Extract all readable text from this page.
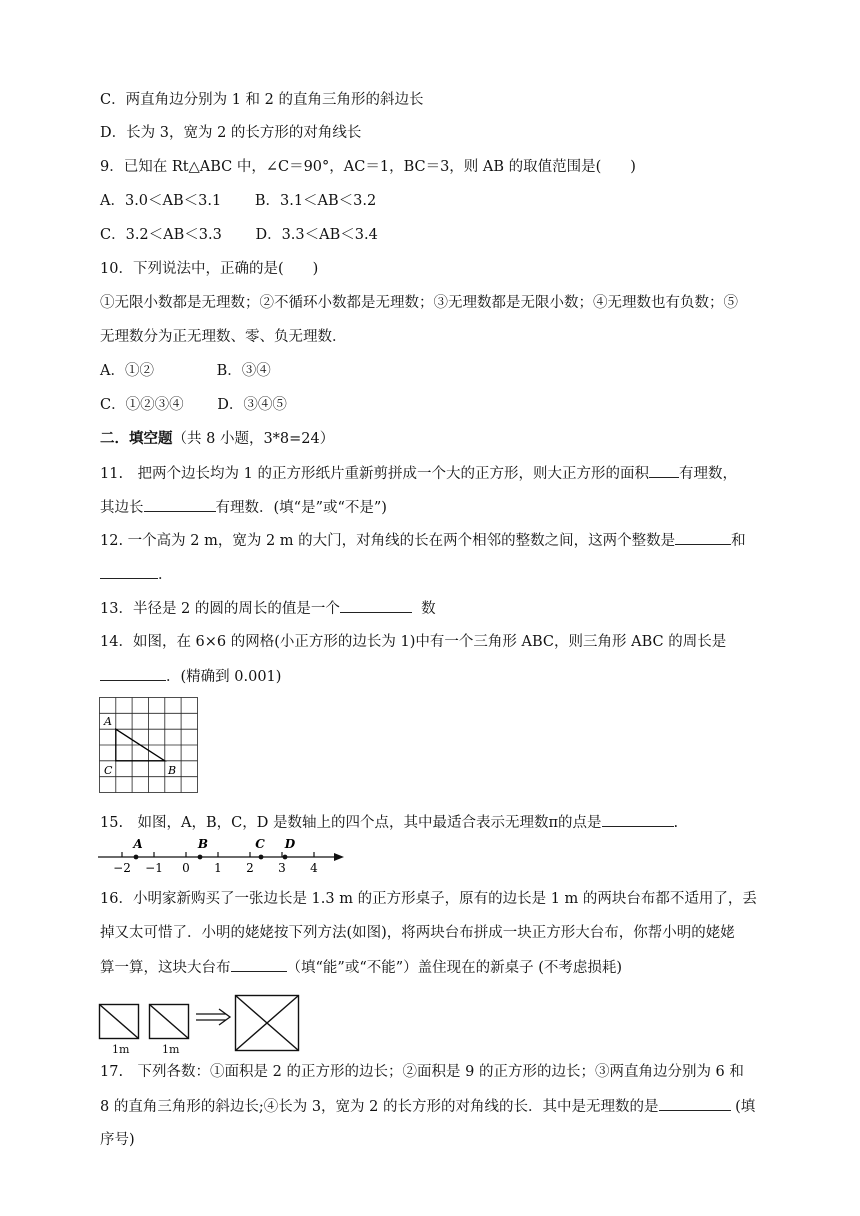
C．两直角边分别为 1 和 2 的直角三角形的斜边长
D．长为 3，宽为 2 的长方形的对角线长
9．已知在 Rt△ABC 中，∠C＝90°，AC＝1，BC＝3，则 AB 的取值范围是(　　)
A．3.0＜AB＜3.1　　 B．3.1＜AB＜3.2
C．3.2＜AB＜3.3　　 D．3.3＜AB＜3.4
10．下列说法中，正确的是(　　)
①无限小数都是无理数；②不循环小数都是无理数；③无理数都是无限小数；④无理数也有负数；⑤
无理数分为正无理数、零、负无理数．
A．①②　　　　 B．③④
C．①②③④　　 D．③④⑤
二．填空题（共 8 小题，3*8=24）
11.　把两个边长均为 1 的正方形纸片重新剪拼成一个大的正方形，则大正方形的面积 有理数，
其边长	有理数．(填“是”或“不是”)
12. 一个高为 2 m，宽为 2 m 的大门，对角线的长在两个相邻的整数之间，这两个整数是	和
．
13．半径是 2 的圆的周长的值是一个	数
14．如图，在 6×6 的网格(小正方形的边长为 1)中有一个三角形 ABC，则三角形 ABC 的周长是
．(精确到 0.001)
A
C	B
15.　如图，A，B，C，D 是数轴上的四个点，其中最适合表示无理数π的点是	.
−2 −1 0 1 2 3 4
A	B	C D
16．小明家新购买了一张边长是 1.3 m 的正方形桌子，原有的边长是 1 m 的两块台布都不适用了，丢
掉又太可惜了．小明的姥姥按下列方法(如图)，将两块台布拼成一块正方形大台布，你帮小明的姥姥
算一算，这块大台布	（填“能”或“不能”）盖住现在的新桌子 (不考虑损耗)
1m	1m
17.　下列各数：①面积是 2 的正方形的边长；②面积是 9 的正方形的边长；③两直角边分别为 6 和
8 的直角三角形的斜边长;④长为 3，宽为 2 的长方形的对角线的长．其中是无理数的是	(填
序号)
